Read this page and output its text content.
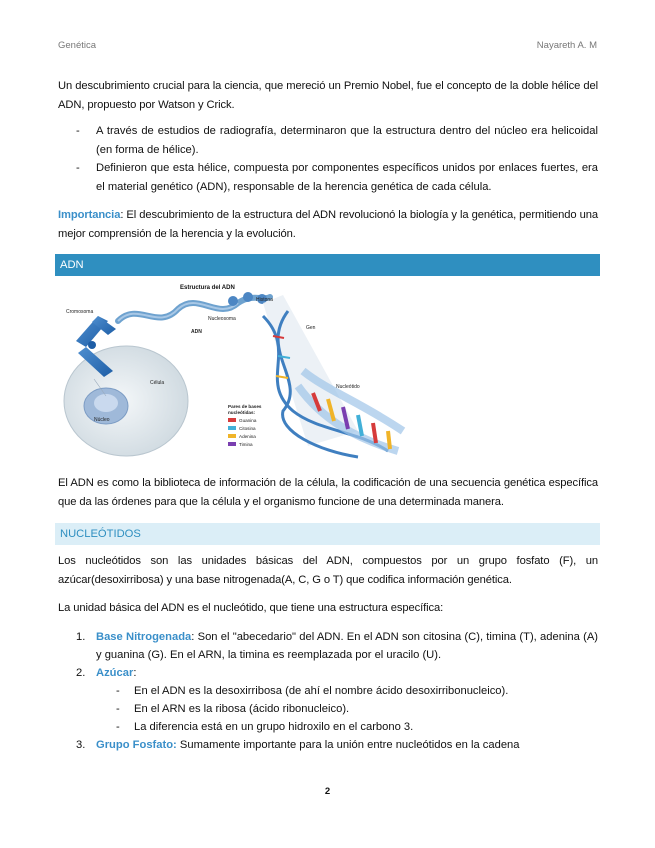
Genética	Nayareth A. M
Un descubrimiento crucial para la ciencia, que mereció un Premio Nobel, fue el concepto de la doble hélice del ADN, propuesto por Watson y Crick.
- A través de estudios de radiografía, determinaron que la estructura dentro del núcleo era helicoidal (en forma de hélice).
- Definieron que esta hélice, compuesta por componentes específicos unidos por enlaces fuertes, era el material genético (ADN), responsable de la herencia genética de cada célula.
Importancia: El descubrimiento de la estructura del ADN revolucionó la biología y la genética, permitiendo una mejor comprensión de la herencia y la evolución.
ADN
Estructura del ADN
Cromosoma
Histona
Nucleosoma
ADN
Gen
Célula
Núcleo
Nucleótido
Pares de bases
nucleótidas:
Guanina
Citosina
Adenina
Timina
El ADN es como la biblioteca de información de la célula, la codificación de una secuencia genética específica que da las órdenes para que la célula y el organismo funcione de una determinada manera.
NUCLEÓTIDOS
Los nucleótidos son las unidades básicas del ADN, compuestos por un grupo fosfato (F), un azúcar(desoxirribosa) y una base nitrogenada(A, C, G o T) que codifica información genética.
La unidad básica del ADN es el nucleótido, que tiene una estructura específica:
1. Base Nitrogenada: Son el "abecedario" del ADN. En el ADN son citosina (C), timina (T), adenina (A) y guanina (G). En el ARN, la timina es reemplazada por el uracilo (U).
2. Azúcar:
- En el ADN es la desoxirribosa (de ahí el nombre ácido desoxirribonucleico).
- En el ARN es la ribosa (ácido ribonucleico).
- La diferencia está en un grupo hidroxilo en el carbono 3.
3. Grupo Fosfato: Sumamente importante para la unión entre nucleótidos en la cadena
2
